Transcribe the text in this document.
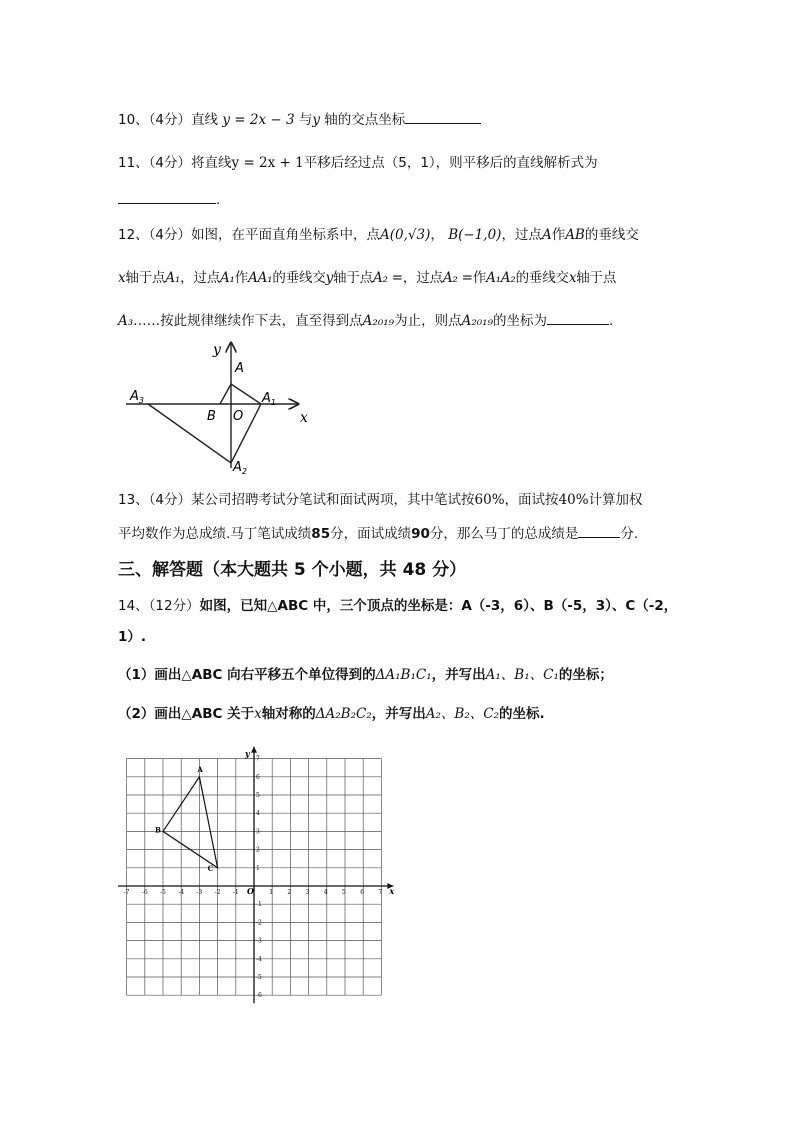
10、（4分）直线 y = 2x − 3 与y 轴的交点坐标
11、（4分）将直线y = 2x + 1平移后经过点（5，1），则平移后的直线解析式为
.
12、（4分）如图，在平面直角坐标系中，点A(0,√3)， B(−1,0)，过点A作AB的垂线交
x轴于点A₁，过点A₁作AA₁的垂线交y轴于点A₂ =，过点A₂ =作A₁A₂的垂线交x轴于点
A₃……按此规律继续作下去，直至得到点A₂₀₁₉为止，则点A₂₀₁₉的坐标为	.
y
x
A
$A_1$
$A_3$
$A_2$
B O
13、（4分）某公司招聘考试分笔试和面试两项，其中笔试按60%，面试按40%计算加权
平均数作为总成绩.马丁笔试成绩85分，面试成绩90分，那么马丁的总成绩是	分.
三、解答题（本大题共 5 个小题，共 48 分）
14、（12分）如图，已知△ABC 中，三个顶点的坐标是：A（-3，6）、B（-5，3）、C（-2，
1）.
（1）画出△ABC 向右平移五个单位得到的ΔA₁B₁C₁，并写出A₁、B₁、C₁的坐标；
（2）画出△ABC 关于x轴对称的ΔA₂B₂C₂，并写出A₂、B₂、C₂的坐标.
-7 -6 -5 -4 -3 -2 -1	1 2 3 4 5 6 7
7
6
5
4
3
2
1
-1
-2
-3
-4
-5
-6
O	x
y
A
B
C
